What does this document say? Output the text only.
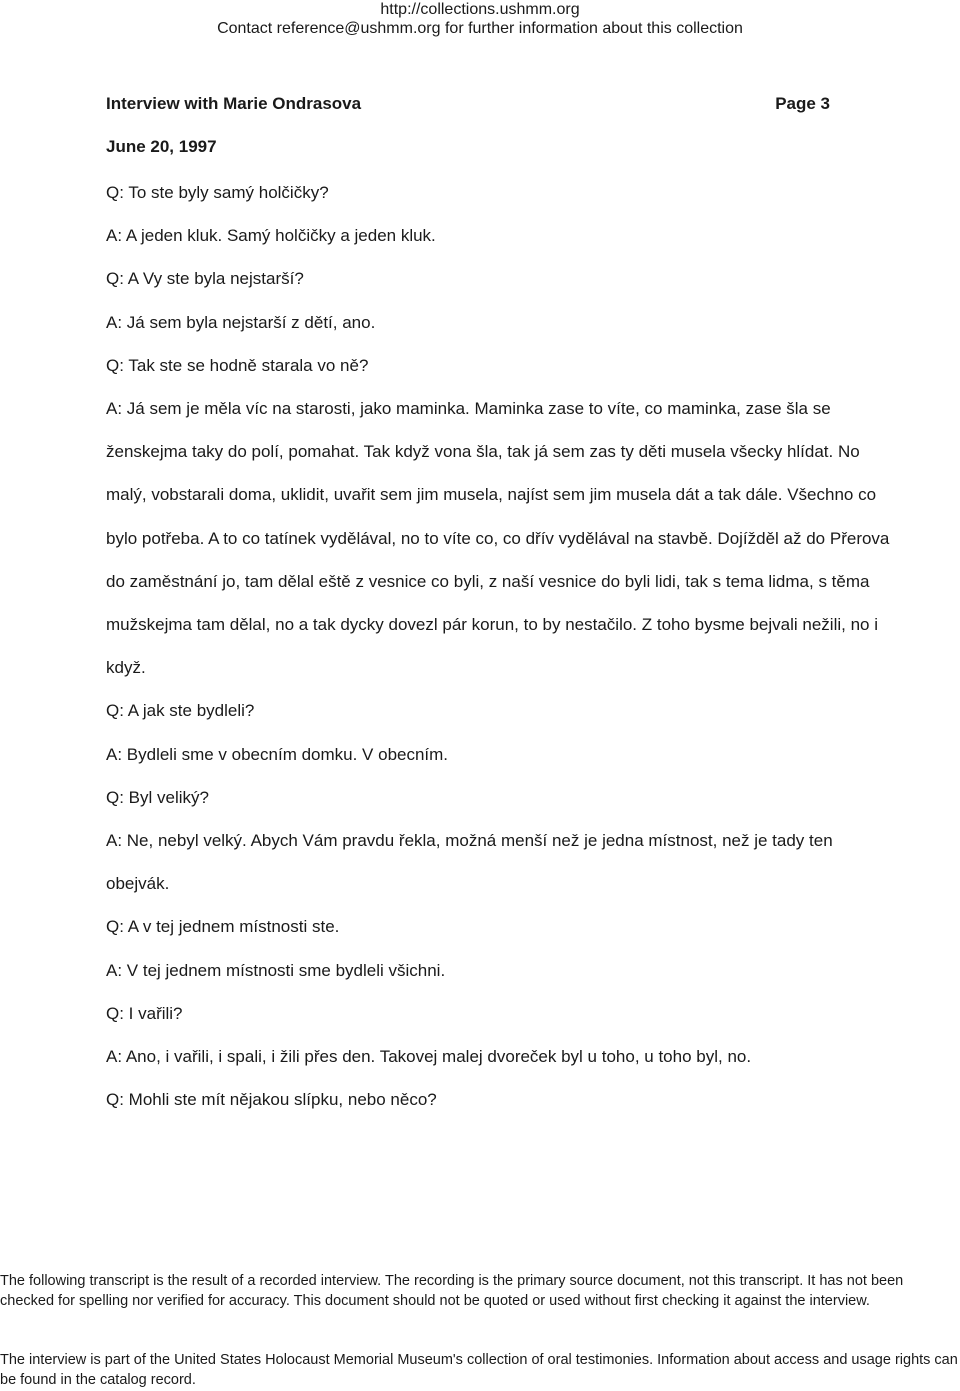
http://collections.ushmm.org
Contact reference@ushmm.org for further information about this collection
Interview with Marie Ondrasova	Page 3
June 20, 1997

Q: To ste byly samý holčičky?

A: A jeden kluk. Samý holčičky a jeden kluk.

Q: A Vy ste byla nejstarší?

A: Já sem byla nejstarší z dětí, ano.

Q: Tak ste se hodně starala vo ně?

A: Já sem je měla víc na starosti, jako maminka. Maminka zase to víte, co maminka, zase šla se ženskejma taky do polí, pomahat. Tak když vona šla, tak já sem zas ty děti musela všecky hlídat. No malý, vobstarali doma, uklidit, uvařit sem jim musela, najíst sem jim musela dát a tak dále. Všechno co bylo potřeba. A to co tatínek vydělával, no to víte co, co dřív vydělával na stavbě. Dojížděl až do Přerova do zaměstnání jo, tam dělal eště z vesnice co byli, z naší vesnice do byli lidi, tak s tema lidma, s těma mužskejma tam dělal, no a tak dycky dovezl pár korun, to by nestačilo. Z toho bysme bejvali nežili, no i když.

Q: A jak ste bydleli?

A: Bydleli sme v obecním domku. V obecním.

Q: Byl veliký?

A: Ne, nebyl velký. Abych Vám pravdu řekla, možná menší než je jedna místnost, než je tady ten obejvák.

Q: A v tej jednem místnosti ste.

A: V tej jednem místnosti sme bydleli všichni.

Q: I vařili?

A: Ano, i vařili, i spali, i žili přes den. Takovej malej dvoreček byl u toho, u toho byl, no.

Q: Mohli ste mít nějakou slípku, nebo něco?

The following transcript is the result of a recorded interview. The recording is the primary source document, not this transcript. It has not been checked for spelling nor verified for accuracy. This document should not be quoted or used without first checking it against the interview.

The interview is part of the United States Holocaust Memorial Museum's collection of oral testimonies. Information about access and usage rights can be found in the catalog record.
